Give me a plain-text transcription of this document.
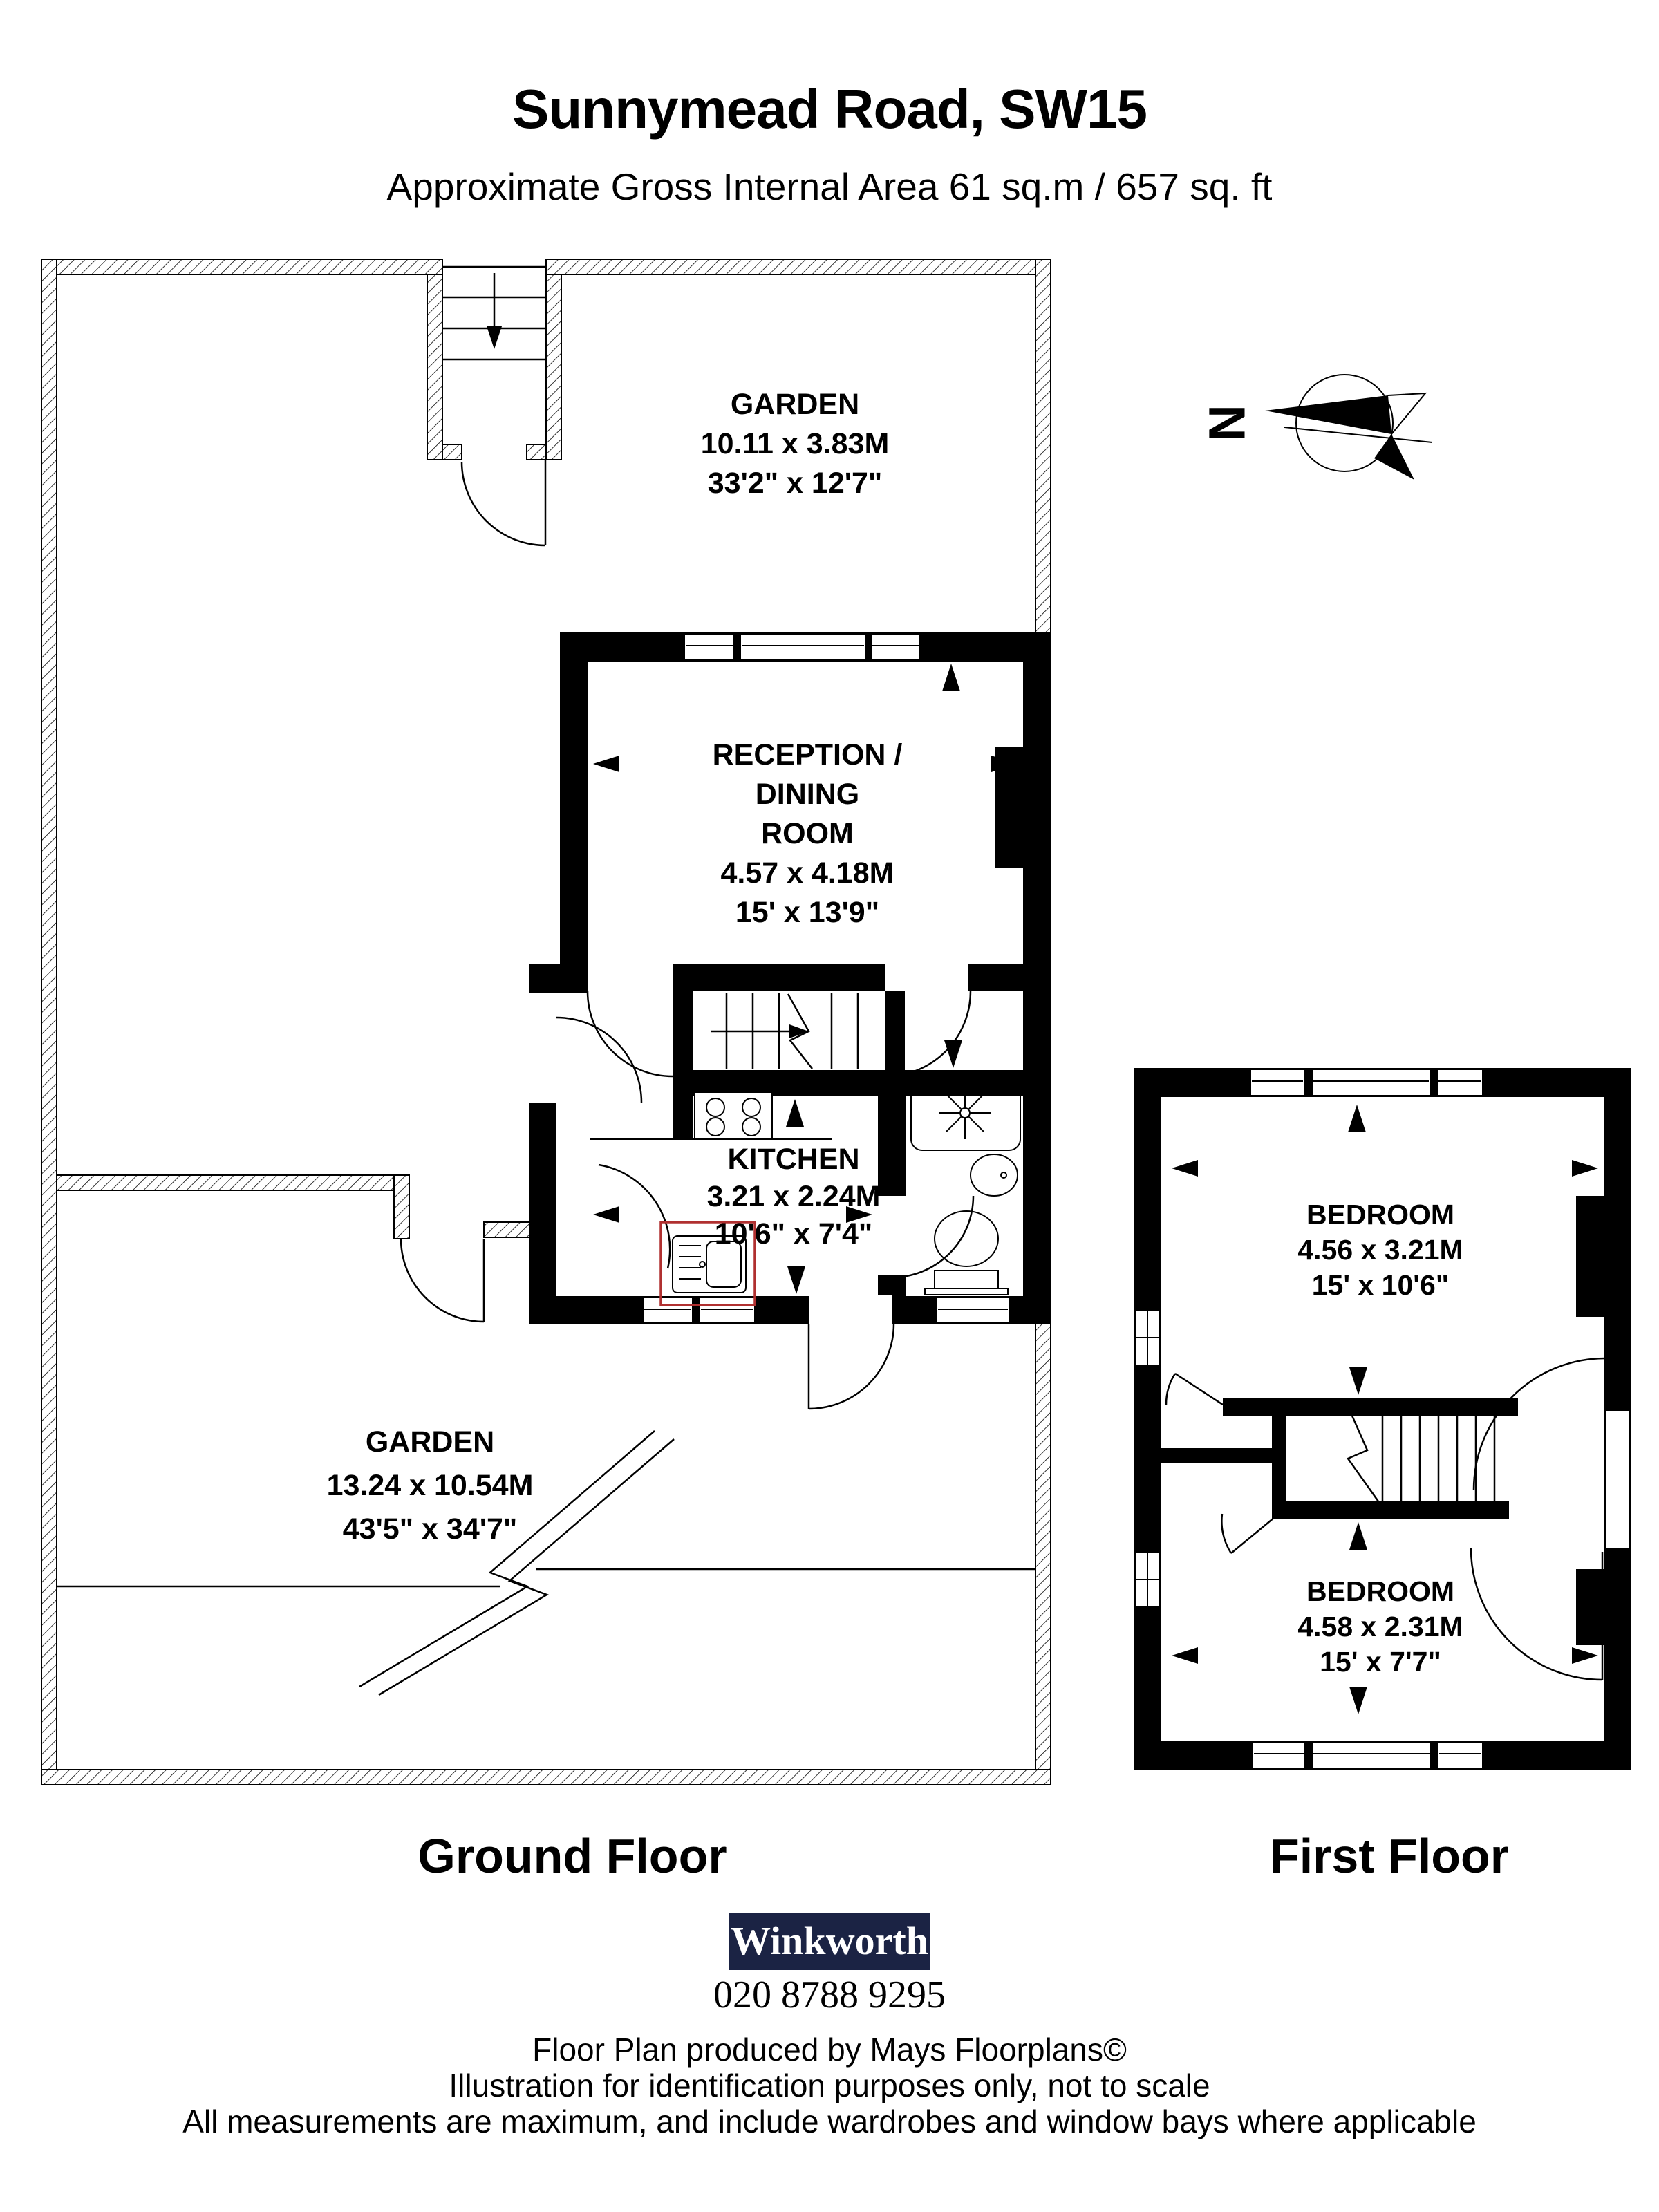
N
Sunnymead Road, SW15
Approximate Gross Internal Area 61 sq.m / 657 sq. ft
GARDEN
10.11 x 3.83M
33'2" x 12'7"
RECEPTION /
DINING
ROOM
4.57 x 4.18M
15' x 13'9"
KITCHEN
3.21 x 2.24M
10'6" x 7'4"
GARDEN
13.24 x 10.54M
43'5" x 34'7"
BEDROOM
4.56 x 3.21M
15' x 10'6"
BEDROOM
4.58 x 2.31M
15' x 7'7"
Ground Floor	First Floor
Winkworth
020 8788 9295
Floor Plan produced by Mays Floorplans©
Illustration for identification purposes only, not to scale
All measurements are maximum, and include wardrobes and window bays where applicable
